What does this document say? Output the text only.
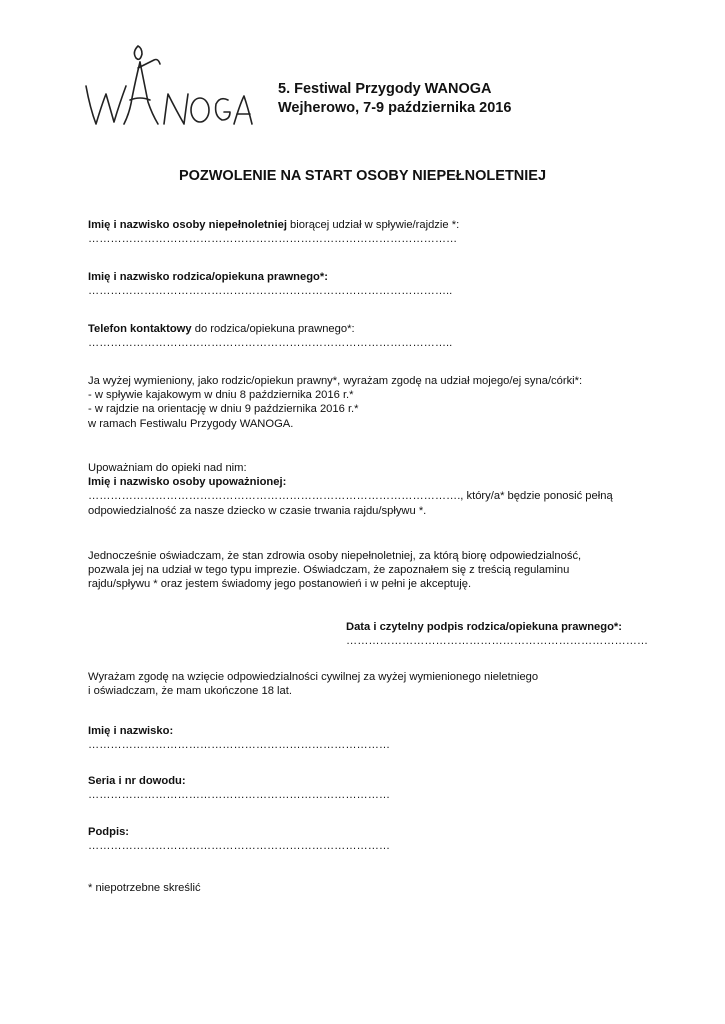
5. Festiwal Przygody WANOGA
Wejherowo, 7-9 października 2016
POZWOLENIE NA START OSOBY NIEPEŁNOLETNIEJ
Imię i nazwisko osoby niepełnoletniej biorącej udział w spływie/rajdzie *:
………………………………………………………………………………………
Imię i nazwisko rodzica/opiekuna prawnego*:
……………………………………………………………………………………..
Telefon kontaktowy do rodzica/opiekuna prawnego*:
……………………………………………………………………………………..
Ja wyżej wymieniony, jako rodzic/opiekun prawny*, wyrażam zgodę na udział mojego/ej syna/córki*:
- w spływie kajakowym w dniu 8 października 2016 r.*
- w rajdzie na orientację w dniu 9 października 2016 r.*
w ramach Festiwalu Przygody WANOGA.
Upoważniam do opieki nad nim:
Imię i nazwisko osoby upoważnionej:
………………………………………………………………………………………., który/a* będzie ponosić pełną
odpowiedzialność za nasze dziecko w czasie trwania rajdu/spływu *.
Jednocześnie oświadczam, że stan zdrowia osoby niepełnoletniej, za którą biorę odpowiedzialność,
pozwala jej na udział w tego typu imprezie. Oświadczam, że zapoznałem się z treścią regulaminu
rajdu/spływu * oraz jestem świadomy jego postanowień i w pełni je akceptuję.
Data i czytelny podpis rodzica/opiekuna prawnego*:
………………………………………………………………………
Wyrażam zgodę na wzięcie odpowiedzialności cywilnej za wyżej wymienionego nieletniego
i oświadczam, że mam ukończone 18 lat.
Imię i nazwisko:
………………………………………………………………………
Seria i nr dowodu:
………………………………………………………………………
Podpis:
………………………………………………………………………
* niepotrzebne skreślić
